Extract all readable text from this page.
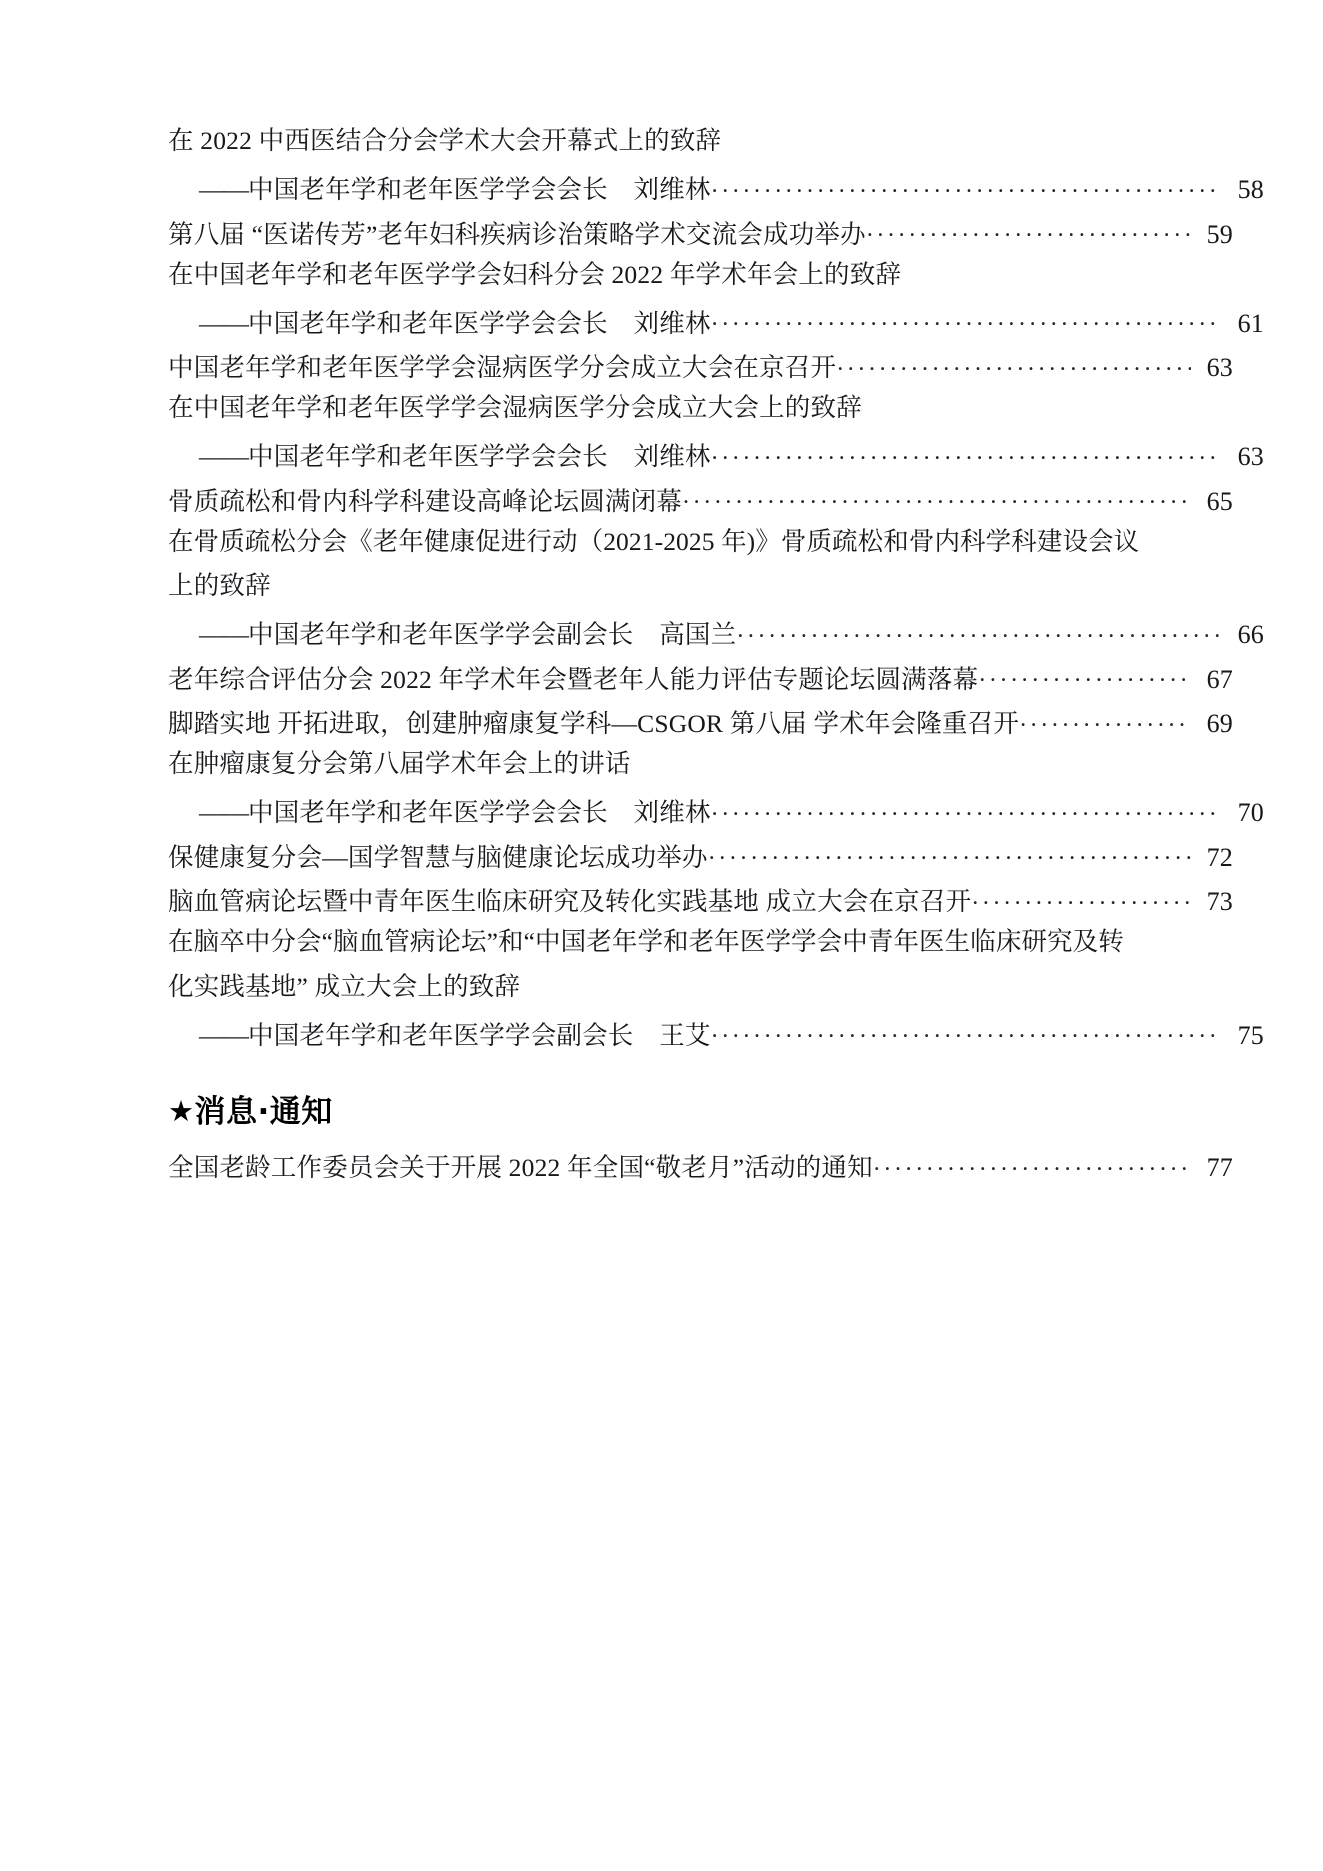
在 2022 中西医结合分会学术大会开幕式上的致辞
—— 中国老年学和老年医学学会会长　刘维林 .....	58
第八届 “医诺传芳”老年妇科疾病诊治策略学术交流会成功举办 .....	59
在中国老年学和老年医学学会妇科分会 2022 年学术年会上的致辞
—— 中国老年学和老年医学学会会长　刘维林 .....	61
中国老年学和老年医学学会湿病医学分会成立大会在京召开 .....	63
在中国老年学和老年医学学会湿病医学分会成立大会上的致辞
—— 中国老年学和老年医学学会会长　刘维林 .....	63
骨质疏松和骨内科学科建设高峰论坛圆满闭幕 .....	65
在骨质疏松分会《老年健康促进行动（2021-2025 年)》骨质疏松和骨内科学科建设会议
上的致辞
—— 中国老年学和老年医学学会副会长　高国兰 .....	66
老年综合评估分会 2022 年学术年会暨老年人能力评估专题论坛圆满落幕 .....	67
脚踏实地 开拓进取，创建肿瘤康复学科—CSGOR 第八届 学术年会隆重召开 .....	69
在肿瘤康复分会第八届学术年会上的讲话
—— 中国老年学和老年医学学会会长　刘维林 .....	70
保健康复分会—国学智慧与脑健康论坛成功举办 .....	72
脑血管病论坛暨中青年医生临床研究及转化实践基地 成立大会在京召开 .....	73
在脑卒中分会“脑血管病论坛”和“中国老年学和老年医学学会中青年医生临床研究及转
化实践基地” 成立大会上的致辞
—— 中国老年学和老年医学学会副会长　王艾 .....	75
★消息·通知
全国老龄工作委员会关于开展 2022 年全国“敬老月”活动的通知 .....	77
